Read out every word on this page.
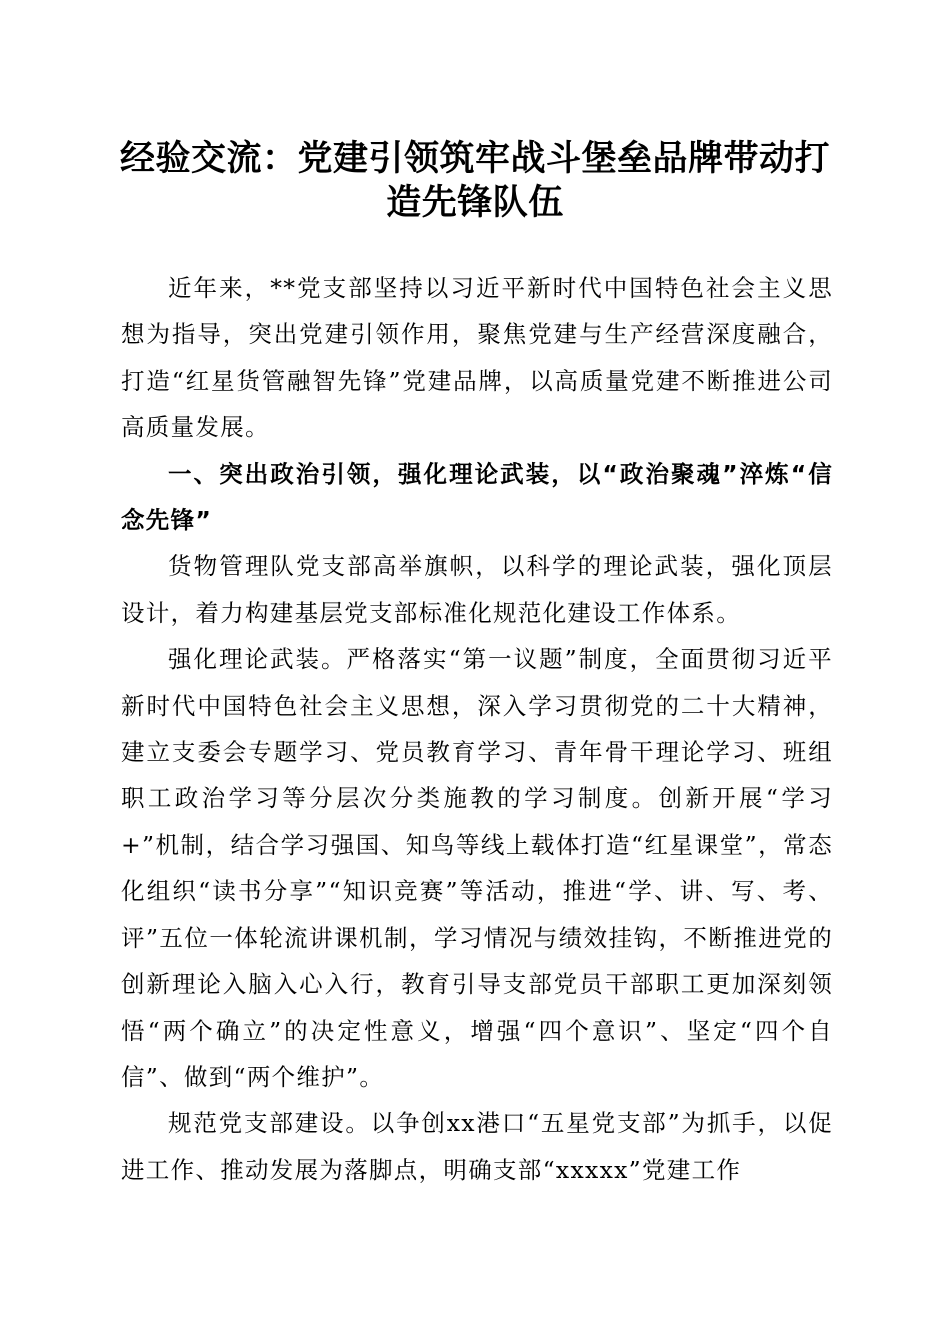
经验交流：党建引领筑牢战斗堡垒品牌带动打
造先锋队伍

近年来，**党支部坚持以习近平新时代中国特色社会主义思想为指导，突出党建引领作用，聚焦党建与生产经营深度融合，打造“红星货管融智先锋”党建品牌，以高质量党建不断推进公司高质量发展。

一、突出政治引领，强化理论武装，以“政治聚魂”淬炼“信念先锋”

货物管理队党支部高举旗帜，以科学的理论武装，强化顶层设计，着力构建基层党支部标准化规范化建设工作体系。

强化理论武装。严格落实“第一议题”制度，全面贯彻习近平新时代中国特色社会主义思想，深入学习贯彻党的二十大精神，建立支委会专题学习、党员教育学习、青年骨干理论学习、班组职工政治学习等分层次分类施教的学习制度。创新开展“学习+”机制，结合学习强国、知鸟等线上载体打造“红星课堂”，常态化组织“读书分享”“知识竞赛”等活动，推进“学、讲、写、考、评”五位一体轮流讲课机制，学习情况与绩效挂钩，不断推进党的创新理论入脑入心入行，教育引导支部党员干部职工更加深刻领悟“两个确立”的决定性意义，增强“四个意识”、坚定“四个自信”、做到“两个维护”。

规范党支部建设。以争创xx港口“五星党支部”为抓手，以促进工作、推动发展为落脚点，明确支部“xxxxx”党建工作
